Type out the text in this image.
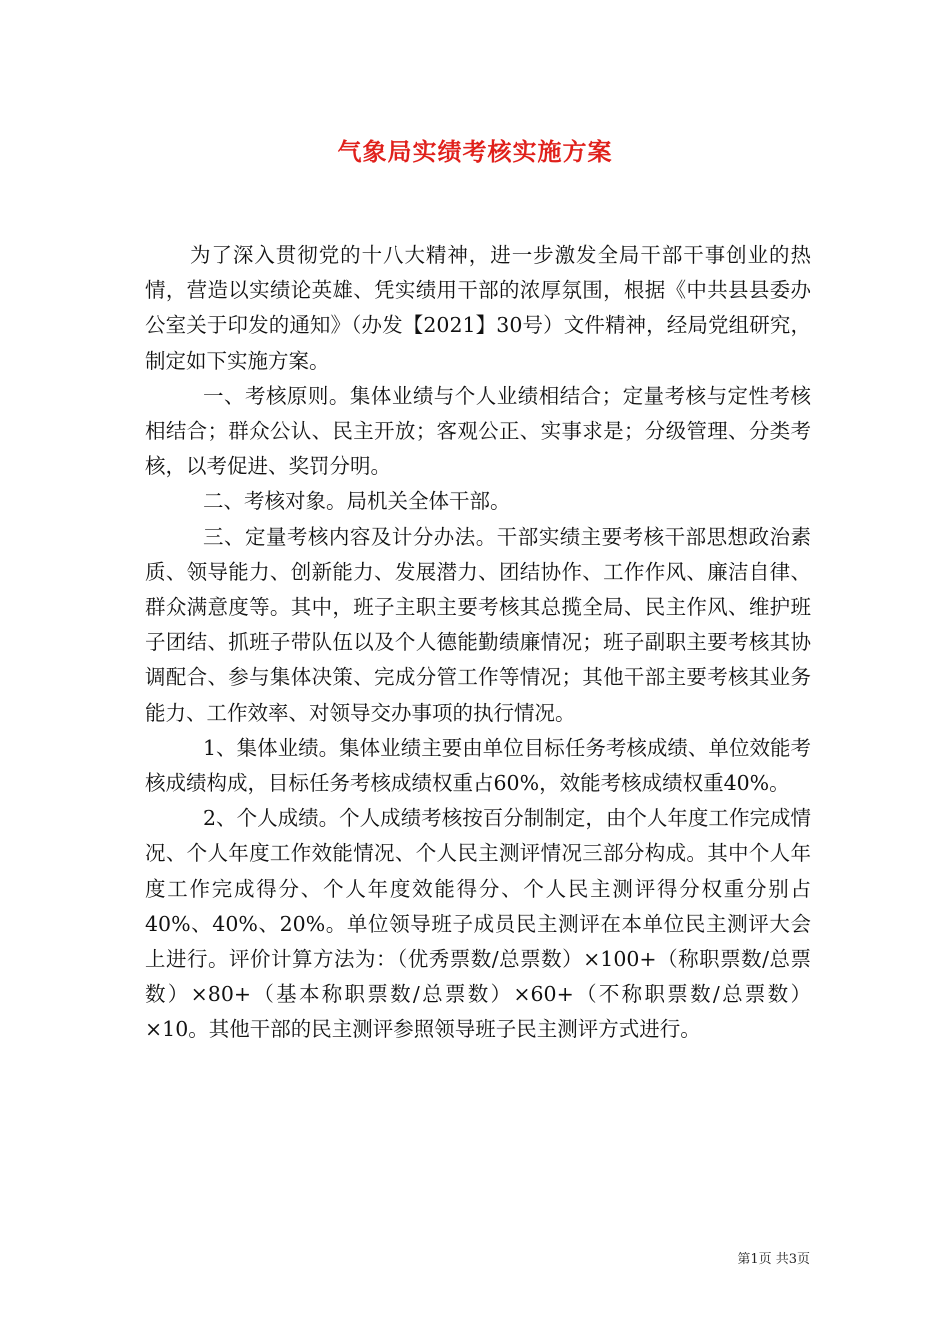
气象局实绩考核实施方案

为了深入贯彻党的十八大精神，进一步激发全局干部干事创业的热情，营造以实绩论英雄、凭实绩用干部的浓厚氛围，根据《中共县县委办公室关于印发的通知》（办发【2021】30号）文件精神，经局党组研究，制定如下实施方案。

一、考核原则。集体业绩与个人业绩相结合；定量考核与定性考核相结合；群众公认、民主开放；客观公正、实事求是；分级管理、分类考核，以考促进、奖罚分明。

二、考核对象。局机关全体干部。

三、定量考核内容及计分办法。干部实绩主要考核干部思想政治素质、领导能力、创新能力、发展潜力、团结协作、工作作风、廉洁自律、群众满意度等。其中，班子主职主要考核其总揽全局、民主作风、维护班子团结、抓班子带队伍以及个人德能勤绩廉情况；班子副职主要考核其协调配合、参与集体决策、完成分管工作等情况；其他干部主要考核其业务能力、工作效率、对领导交办事项的执行情况。

1、集体业绩。集体业绩主要由单位目标任务考核成绩、单位效能考核成绩构成，目标任务考核成绩权重占60%，效能考核成绩权重40%。

2、个人成绩。个人成绩考核按百分制制定，由个人年度工作完成情况、个人年度工作效能情况、个人民主测评情况三部分构成。其中个人年度工作完成得分、个人年度效能得分、个人民主测评得分权重分别占40%、40%、20%。单位领导班子成员民主测评在本单位民主测评大会上进行。评价计算方法为：（优秀票数/总票数）×100+（称职票数/总票数）×80+（基本称职票数/总票数）×60+（不称职票数/总票数）×10。其他干部的民主测评参照领导班子民主测评方式进行。

第1页 共3页
